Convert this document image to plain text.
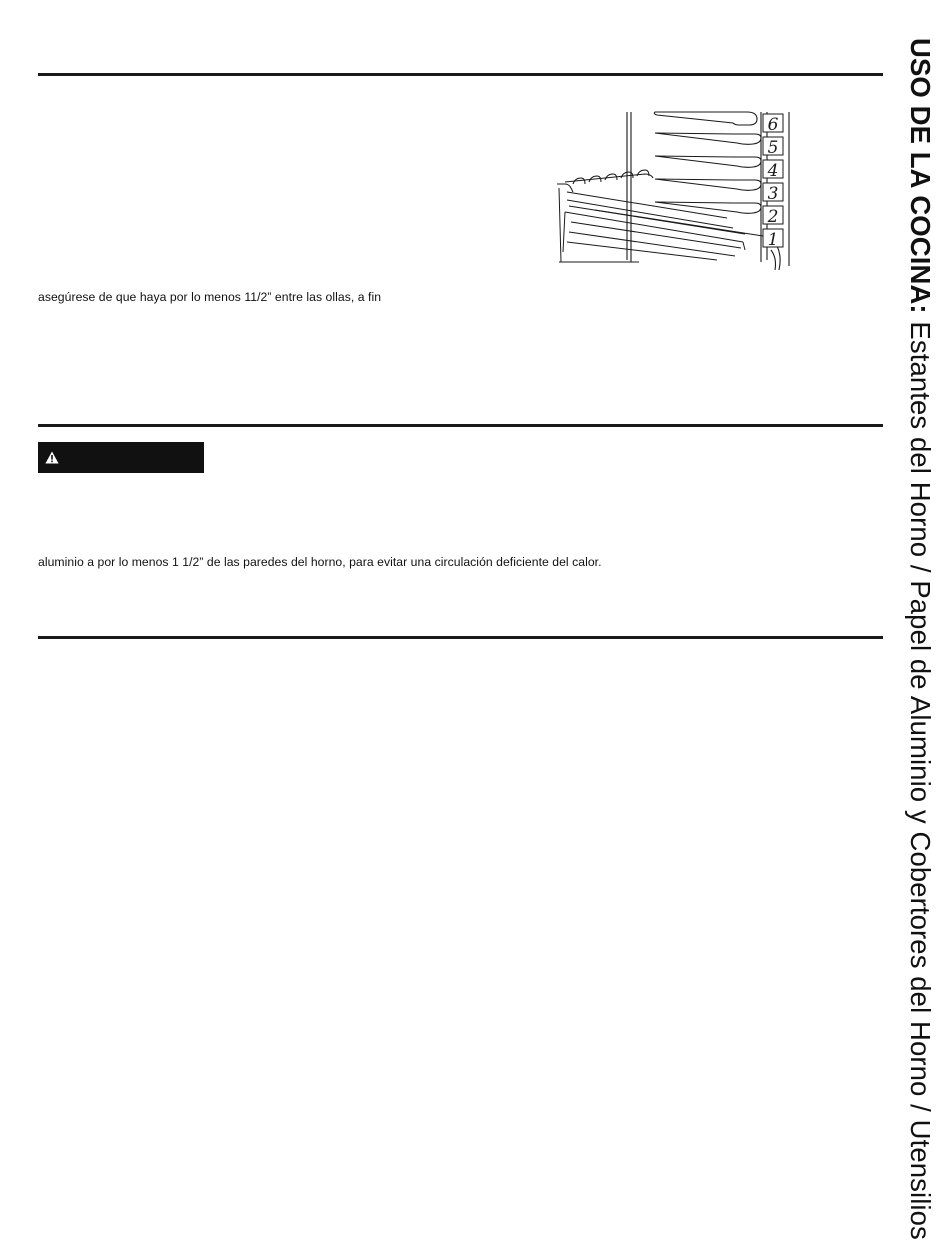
6
5
4
3
2
1
asegúrese de que haya por lo menos 11/2” entre las ollas, a fin
aluminio a por lo menos 1 1/2” de las paredes del horno, para evitar una circulación deficiente del calor.
USO DE LA COCINA: Estantes del Horno / Papel de Aluminio y Cobertores del Horno / Utensilios
